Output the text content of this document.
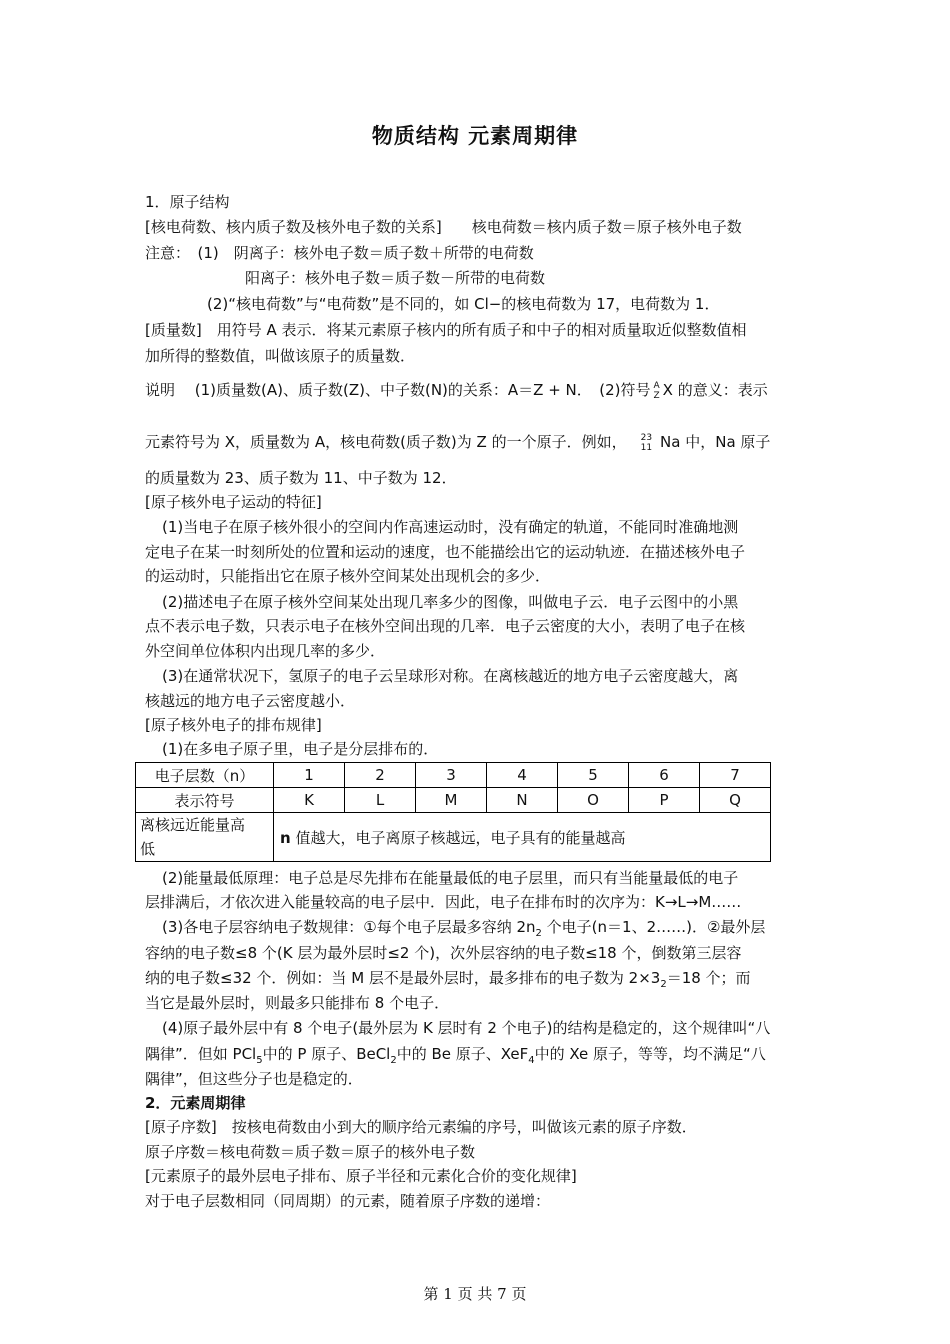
物质结构 元素周期律
1．原子结构
[核电荷数、核内质子数及核外电子数的关系]　　核电荷数＝核内质子数＝原子核外电子数
注意：　(1)　阴离子：核外电子数＝质子数＋所带的电荷数
阳离子：核外电子数＝质子数－所带的电荷数
(2)“核电荷数”与“电荷数”是不同的，如 Cl−的核电荷数为 17，电荷数为 1．
[质量数]　用符号 A 表示．将某元素原子核内的所有质子和中子的相对质量取近似整数值相
加所得的整数值，叫做该原子的质量数．
说明　 (1)质量数(A)、质子数(Z)、中子数(N)的关系：A＝Z + N．　(2)符号 A
Z X 的意义：表示
元素符号为 X，质量数为 A，核电荷数(质子数)为 Z 的一个原子．例如， 23
11 Na 中，Na 原子
的质量数为 23、质子数为 11、中子数为 12．
[原子核外电子运动的特征]
(1)当电子在原子核外很小的空间内作高速运动时，没有确定的轨道，不能同时准确地测
定电子在某一时刻所处的位置和运动的速度，也不能描绘出它的运动轨迹．在描述核外电子
的运动时，只能指出它在原子核外空间某处出现机会的多少．
(2)描述电子在原子核外空间某处出现几率多少的图像，叫做电子云．电子云图中的小黑
点不表示电子数，只表示电子在核外空间出现的几率．电子云密度的大小，表明了电子在核
外空间单位体积内出现几率的多少．
(3)在通常状况下，氢原子的电子云呈球形对称。在离核越近的地方电子云密度越大，离
核越远的地方电子云密度越小．
[原子核外电子的排布规律]
(1)在多电子原子里，电子是分层排布的．
电子层数（n）	1	2	3	4	5	6	7
表示符号	K	L	M	N	O	P	Q
离核远近能量高
低	n 值越大，电子离原子核越远，电子具有的能量越高						
(2)能量最低原理：电子总是尽先排布在能量最低的电子层里，而只有当能量最低的电子
层排满后，才依次进入能量较高的电子层中．因此，电子在排布时的次序为：K→L→M……
(3)各电子层容纳电子数规律：①每个电子层最多容纳 $2n_2$ 个电子(n＝1、2……)．②最外层
容纳的电子数≤8 个(K 层为最外层时≤2 个)，次外层容纳的电子数≤18 个，倒数第三层容
纳的电子数≤32 个．例如：当 M 层不是最外层时，最多排布的电子数为 $2\times 3_2=18$ 个；而
当它是最外层时，则最多只能排布 8 个电子．
(4)原子最外层中有 8 个电子(最外层为 K 层时有 2 个电子)的结构是稳定的，这个规律叫“八
隅律”．但如 PCl$_5$中的 P 原子、BeCl$_2$中的 Be 原子、XeF$_4$中的 Xe 原子，等等，均不满足“八
隅律”，但这些分子也是稳定的．
2．元素周期律
[原子序数]　按核电荷数由小到大的顺序给元素编的序号，叫做该元素的原子序数．
原子序数＝核电荷数＝质子数＝原子的核外电子数
[元素原子的最外层电子排布、原子半径和元素化合价的变化规律]
对于电子层数相同（同周期）的元素，随着原子序数的递增：
第 1 页 共 7 页
